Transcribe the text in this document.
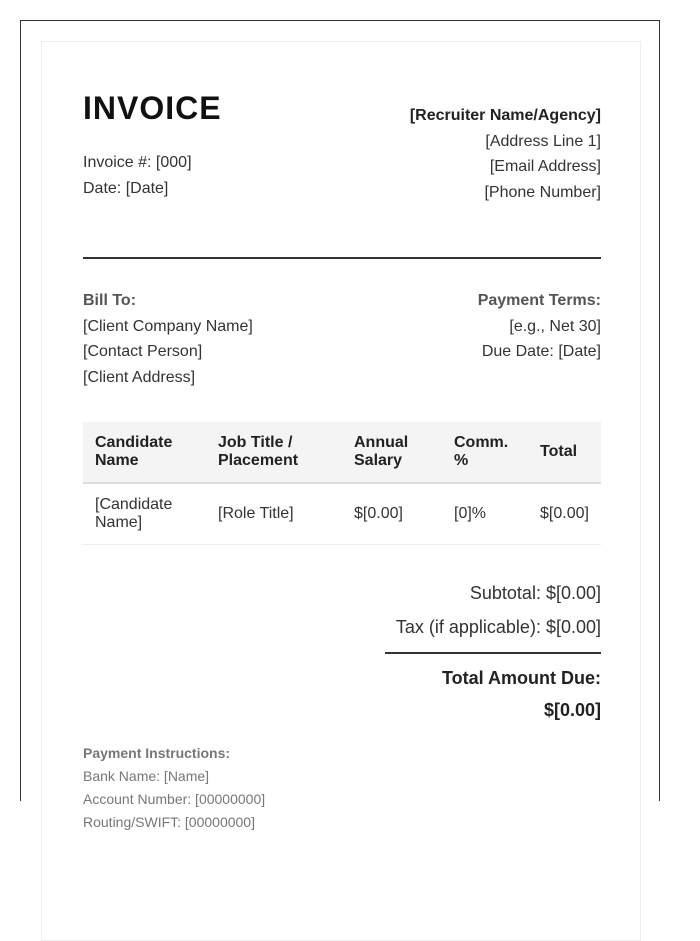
INVOICE
Invoice #: [000]
Date: [Date]
[Recruiter Name/Agency]
[Address Line 1]
[Email Address]
[Phone Number]
Bill To:
[Client Company Name]
[Contact Person]
[Client Address]
Payment Terms:
[e.g., Net 30]
Due Date: [Date]
Candidate Name	Job Title / Placement	Annual Salary	Comm. %	Total
[Candidate Name]	[Role Title]	$[0.00]	[0]%	$[0.00]
Subtotal: $[0.00]
Tax (if applicable): $[0.00]
Total Amount Due: $[0.00]
Payment Instructions:
Bank Name: [Name]
Account Number: [00000000]
Routing/SWIFT: [00000000]
